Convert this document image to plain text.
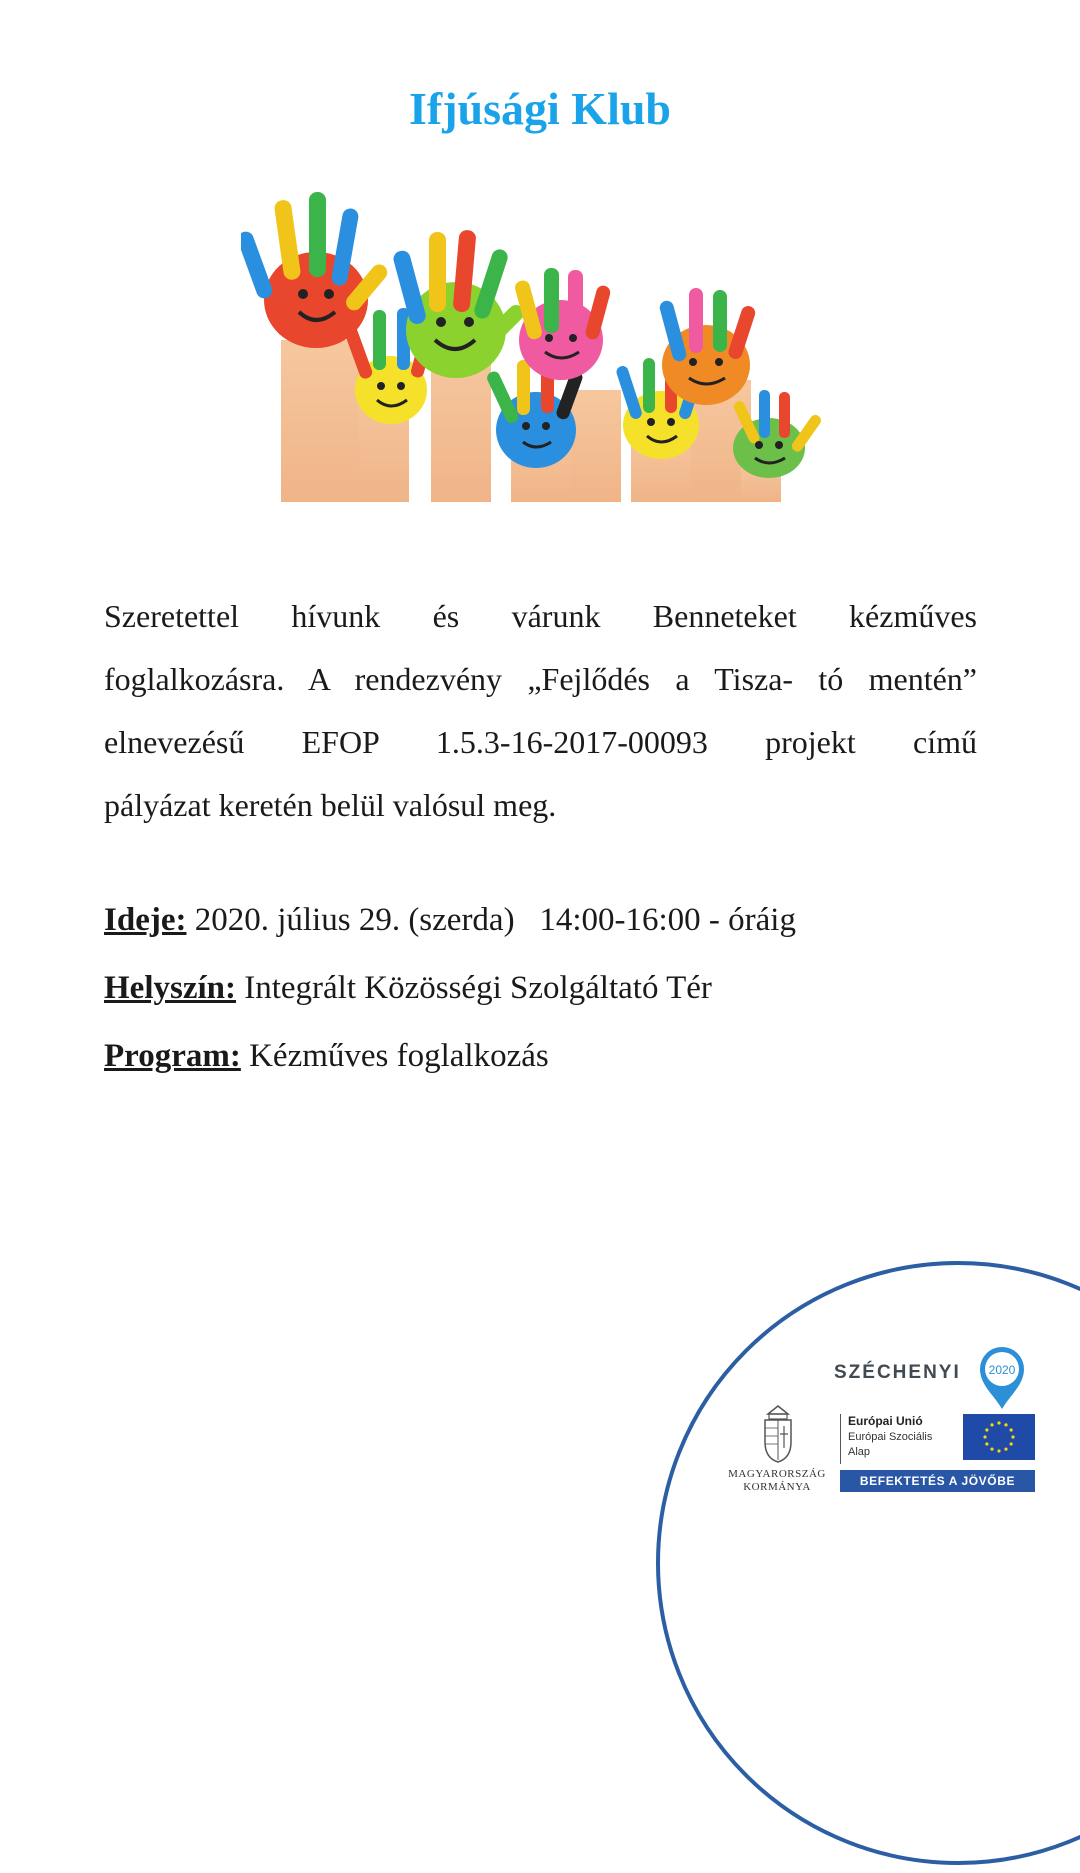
Ifjúsági Klub
Szeretettel hívunk és várunk Benneteket kézműves
foglalkozásra. A rendezvény „Fejlődés a Tisza- tó mentén”
elnevezésű EFOP 1.5.3-16-2017-00093 projekt című
pályázat keretén belül valósul meg.

Ideje: 2020. július 29. (szerda)   14:00-16:00 - óráig

Helyszín: Integrált Közösségi Szolgáltató Tér

Program: Kézműves foglalkozás

SZÉCHENYI 2020
MAGYARORSZÁG
KORMÁNYA
Európai Unió
Európai Szociális
Alap
BEFEKTETÉS A JÖVŐBE
